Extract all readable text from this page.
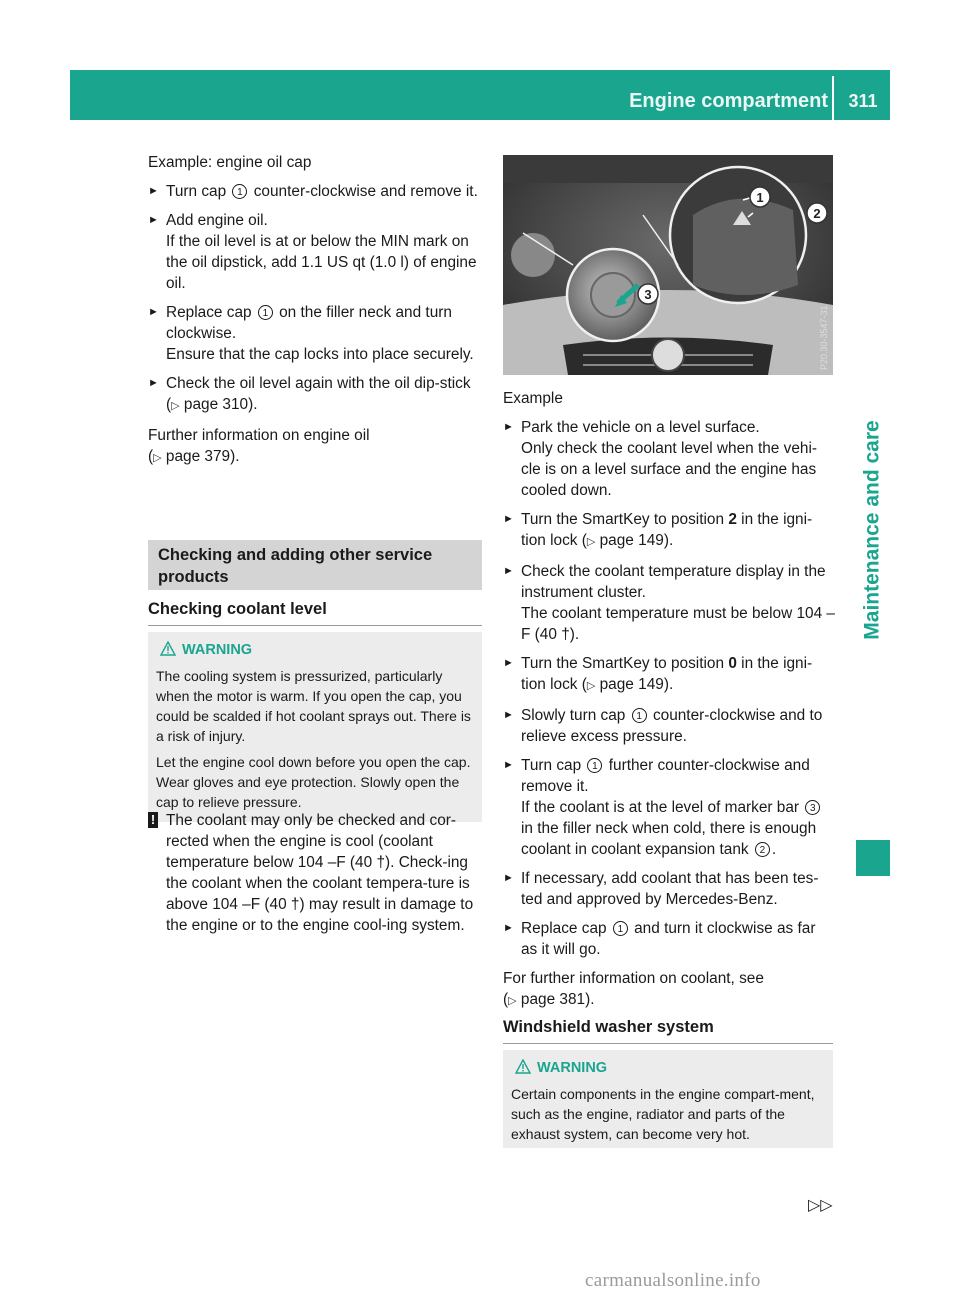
Engine compartment	311
Maintenance and care

Example: engine oil cap

► Turn cap 1 counter-clockwise and remove it.
► Add engine oil.
If the oil level is at or below the MIN mark on the oil dipstick, add 1.1 US qt (1.0 l) of engine oil.
► Replace cap 1 on the filler neck and turn clockwise.
Ensure that the cap locks into place securely.
► Check the oil level again with the oil dip-stick (▷ page 310).

Further information on engine oil
(▷ page 379).

Checking and adding other service products
Checking coolant level
WARNING

The cooling system is pressurized, particularly when the motor is warm. If you open the cap, you could be scalded if hot coolant sprays out. There is a risk of injury.

Let the engine cool down before you open the cap. Wear gloves and eye protection. Slowly open the cap to relieve pressure.

! The coolant may only be checked and cor-rected when the engine is cool (coolant temperature below 104 ‒F (40 †). Check-ing the coolant when the coolant tempera-ture is above 104 ‒F (40 †) may result in damage to the engine or to the engine cool-ing system.
1
2
3
P20.30-3547-31

Example

► Park the vehicle on a level surface.
Only check the coolant level when the vehi-cle is on a level surface and the engine has cooled down.
► Turn the SmartKey to position 2 in the igni-tion lock (▷ page 149).
► Check the coolant temperature display in the instrument cluster.
The coolant temperature must be below 104 ‒F (40 †).
► Turn the SmartKey to position 0 in the igni-tion lock (▷ page 149).
► Slowly turn cap 1 counter-clockwise and to relieve excess pressure.
► Turn cap 1 further counter-clockwise and remove it.
If the coolant is at the level of marker bar 3 in the filler neck when cold, there is enough coolant in coolant expansion tank 2 .
► If necessary, add coolant that has been tes-ted and approved by Mercedes-Benz.
► Replace cap 1 and turn it clockwise as far as it will go.

For further information on coolant, see
(▷ page 381).

Windshield washer system
WARNING

Certain components in the engine compart-ment, such as the engine, radiator and parts of the exhaust system, can become very hot.

▷▷
carmanualsonline.info
